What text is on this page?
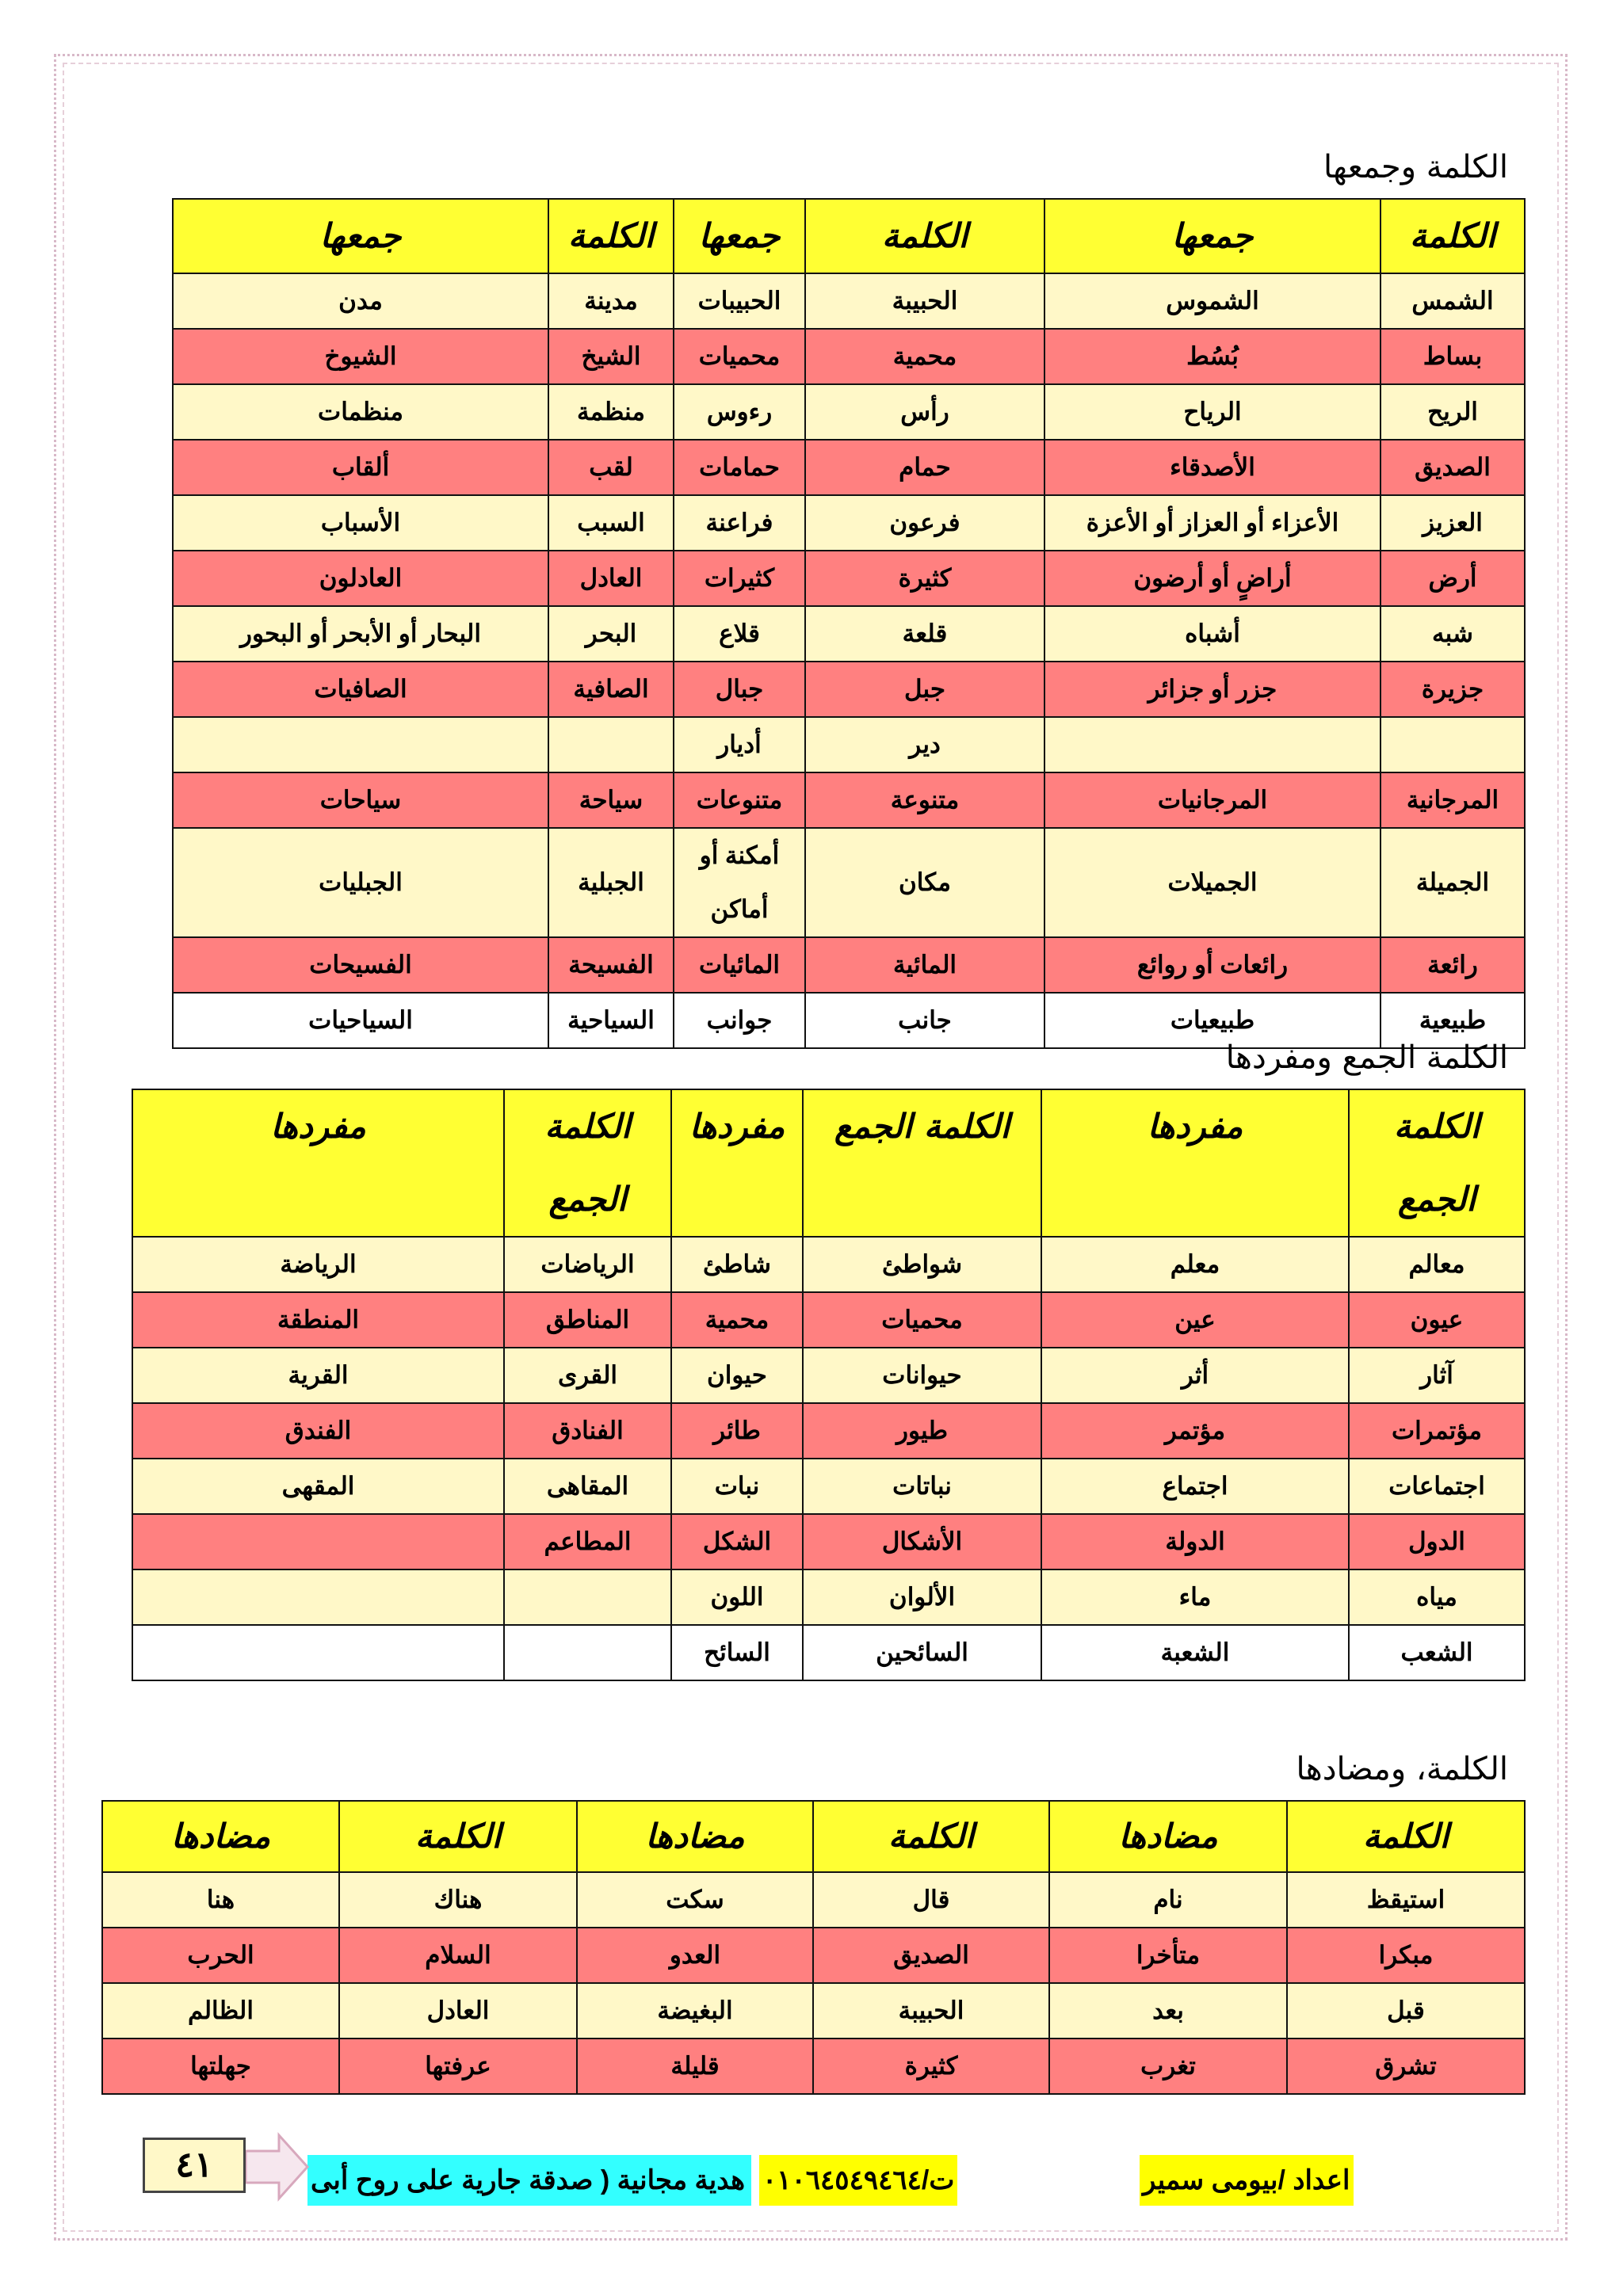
الكلمة وجمعها
الكلمة	جمعها	الكلمة	جمعها	الكلمة	جمعها
الشمس	الشموس	الحبيبة	الحبيبات	مدينة	مدن
بساط	بُسُط	محمية	محميات	الشيخ	الشيوخ
الريح	الرياح	رأس	رءوس	منظمة	منظمات
الصديق	الأصدقاء	حمام	حمامات	لقب	ألقاب
العزيز	الأعزاء أو العزاز أو الأعزة	فرعون	فراعنة	السبب	الأسباب
أرض	أراضٍ أو أرضون	كثيرة	كثيرات	العادل	العادلون
شبه	أشباه	قلعة	قلاع	البحر	البحار أو الأبحر أو البحور
جزيرة	جزر أو جزائر	جبل	جبال	الصافية	الصافيات
		دير	أديار		
المرجانية	المرجانيات	متنوعة	متنوعات	سياحة	سياحات
الجميلة	الجميلات	مكان	أمكنة أو أماكن	الجبلية	الجبليات
رائعة	رائعات أو روائع	المائية	المائيات	الفسيحة	الفسيحات
طبيعية	طبيعيات	جانب	جوانب	السياحية	السياحيات
الكلمة الجمع ومفردها
الكلمة الجمع	مفردها	الكلمة الجمع	مفردها	الكلمة الجمع	مفردها
معالم	معلم	شواطئ	شاطئ	الرياضات	الرياضة
عيون	عين	محميات	محمية	المناطق	المنطقة
آثار	أثر	حيوانات	حيوان	القرى	القرية
مؤتمرات	مؤتمر	طيور	طائر	الفنادق	الفندق
اجتماعات	اجتماع	نباتات	نبات	المقاهى	المقهى
الدول	الدولة	الأشكال	الشكل	المطاعم	
مياه	ماء	الألوان	اللون		
الشعب	الشعبة	السائحين	السائح		
الكلمة، ومضادها
الكلمة	مضادها	الكلمة	مضادها	الكلمة	مضادها
استيقظ	نام	قال	سكت	هناك	هنا
مبكرا	متأخرا	الصديق	العدو	السلام	الحرب
قبل	بعد	الحبيبة	البغيضة	العادل	الظالم
تشرق	تغرب	كثيرة	قليلة	عرفتها	جهلتها
اعداد /بيومى سمير
ت/٠١٠٦٤٥٤٩٤٦٤
هدية مجانية ( صدقة جارية على روح أبى
٤١
